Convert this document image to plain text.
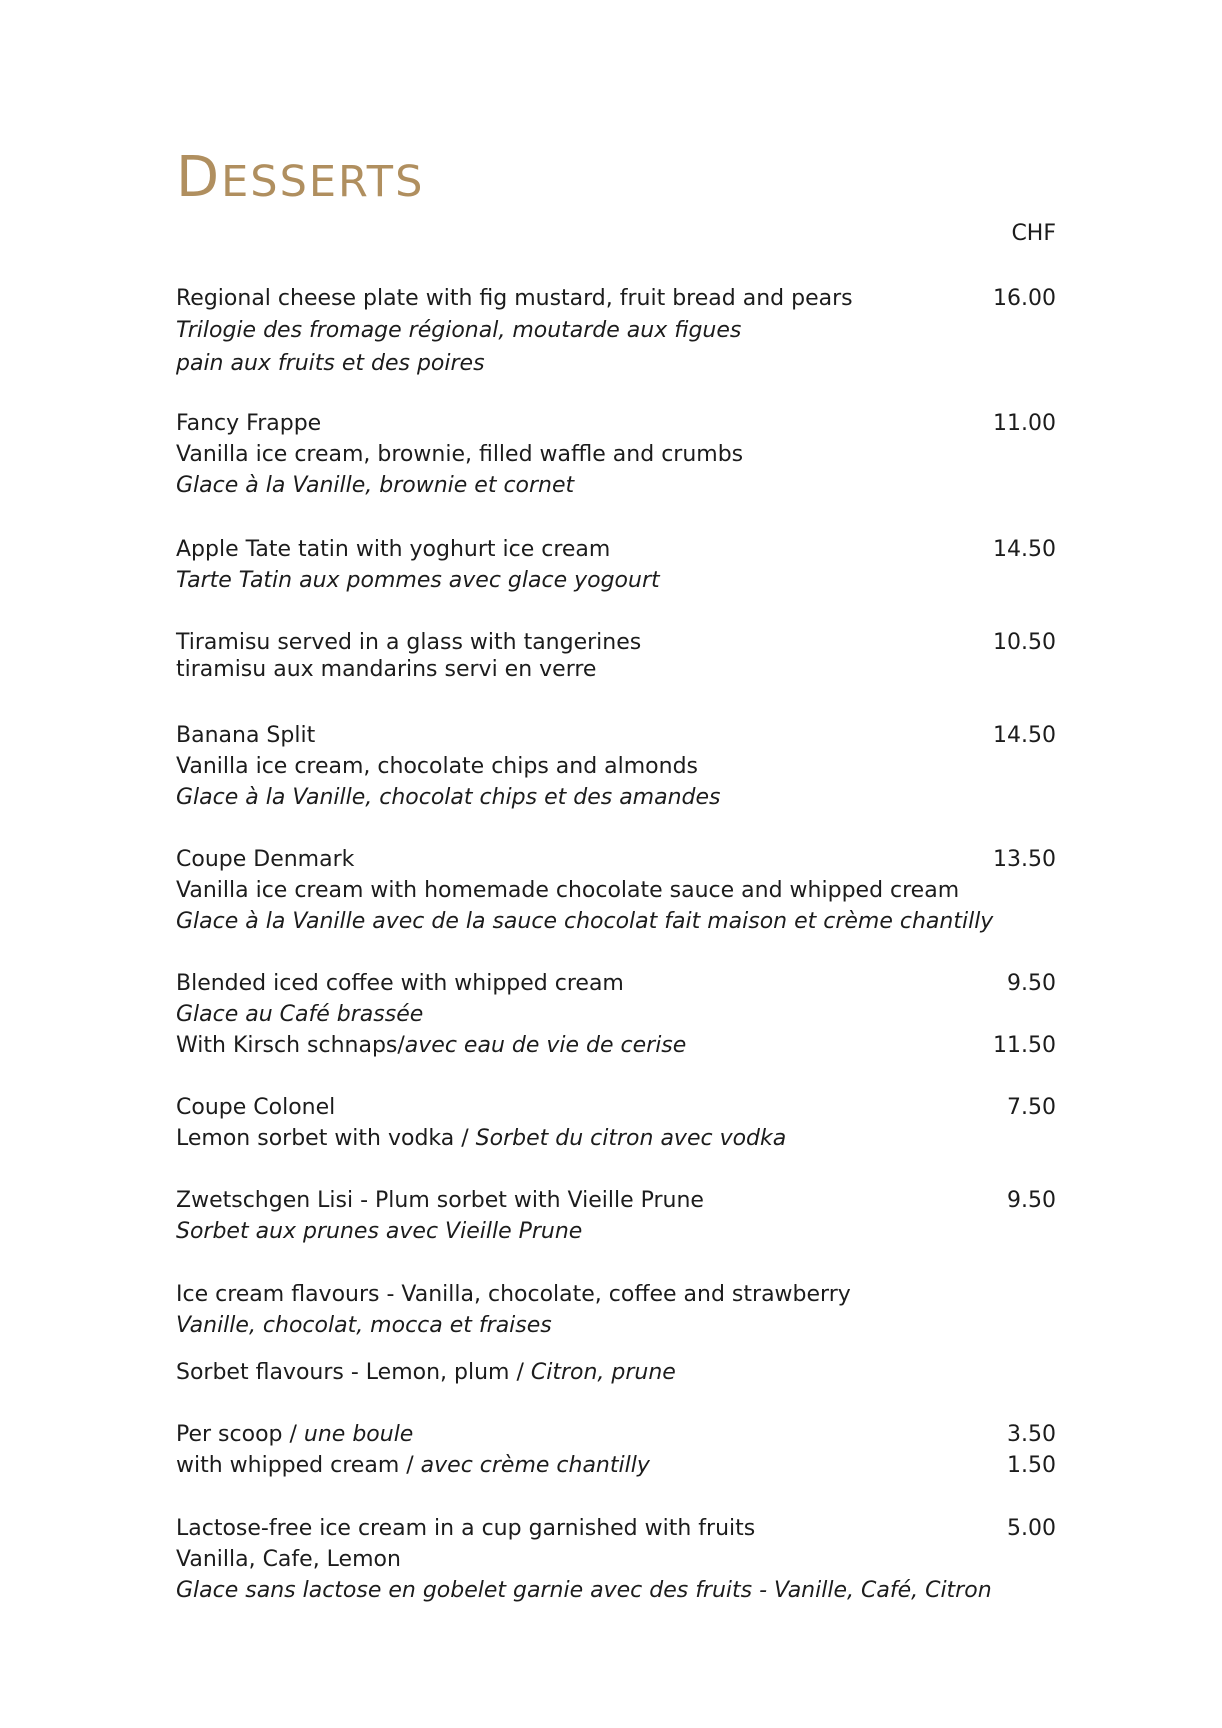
DESSERTS
CHF
Regional cheese plate with fig mustard, fruit bread and pears	16.00
Trilogie des fromage régional, moutarde aux figues
pain aux fruits et des poires
Fancy Frappe	11.00
Vanilla ice cream, brownie, filled waffle and crumbs
Glace à la Vanille, brownie et cornet
Apple Tate tatin with yoghurt ice cream	14.50
Tarte Tatin aux pommes avec glace yogourt
Tiramisu served in a glass with tangerines	10.50
tiramisu aux mandarins servi en verre
Banana Split	14.50
Vanilla ice cream, chocolate chips and almonds
Glace à la Vanille, chocolat chips et des amandes
Coupe Denmark	13.50
Vanilla ice cream with homemade chocolate sauce and whipped cream
Glace à la Vanille avec de la sauce chocolat fait maison et crème chantilly
Blended iced coffee with whipped cream	9.50
Glace au Café brassée
With Kirsch schnaps/avec eau de vie de cerise	11.50
Coupe Colonel	7.50
Lemon sorbet with vodka / Sorbet du citron avec vodka
Zwetschgen Lisi - Plum sorbet with Vieille Prune	9.50
Sorbet aux prunes avec Vieille Prune
Ice cream flavours - Vanilla, chocolate, coffee and strawberry
Vanille, chocolat, mocca et fraises
Sorbet flavours - Lemon, plum / Citron, prune
Per scoop / une boule	3.50
with whipped cream / avec crème chantilly	1.50
Lactose-free ice cream in a cup garnished with fruits	5.00
Vanilla, Cafe, Lemon
Glace sans lactose en gobelet garnie avec des fruits - Vanille, Café, Citron
